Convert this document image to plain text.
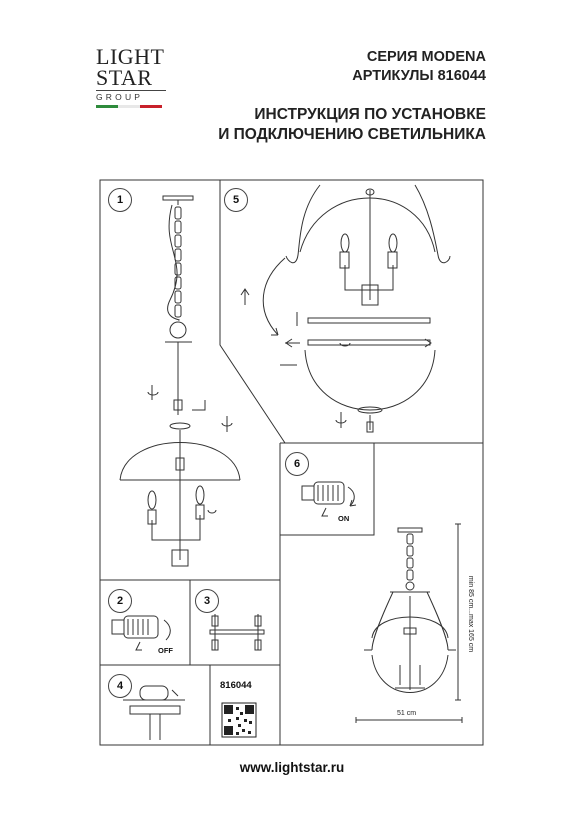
LIGHT
STAR
GROUP
СЕРИЯ MODENA
АРТИКУЛЫ 816044
ИНСТРУКЦИЯ ПО УСТАНОВКЕ
И ПОДКЛЮЧЕНИЮ СВЕТИЛЬНИКА
1	5
6
2	3
4
OFF
ON
816044
min 85 cm...max 165 cm
51 cm
www.lightstar.ru
